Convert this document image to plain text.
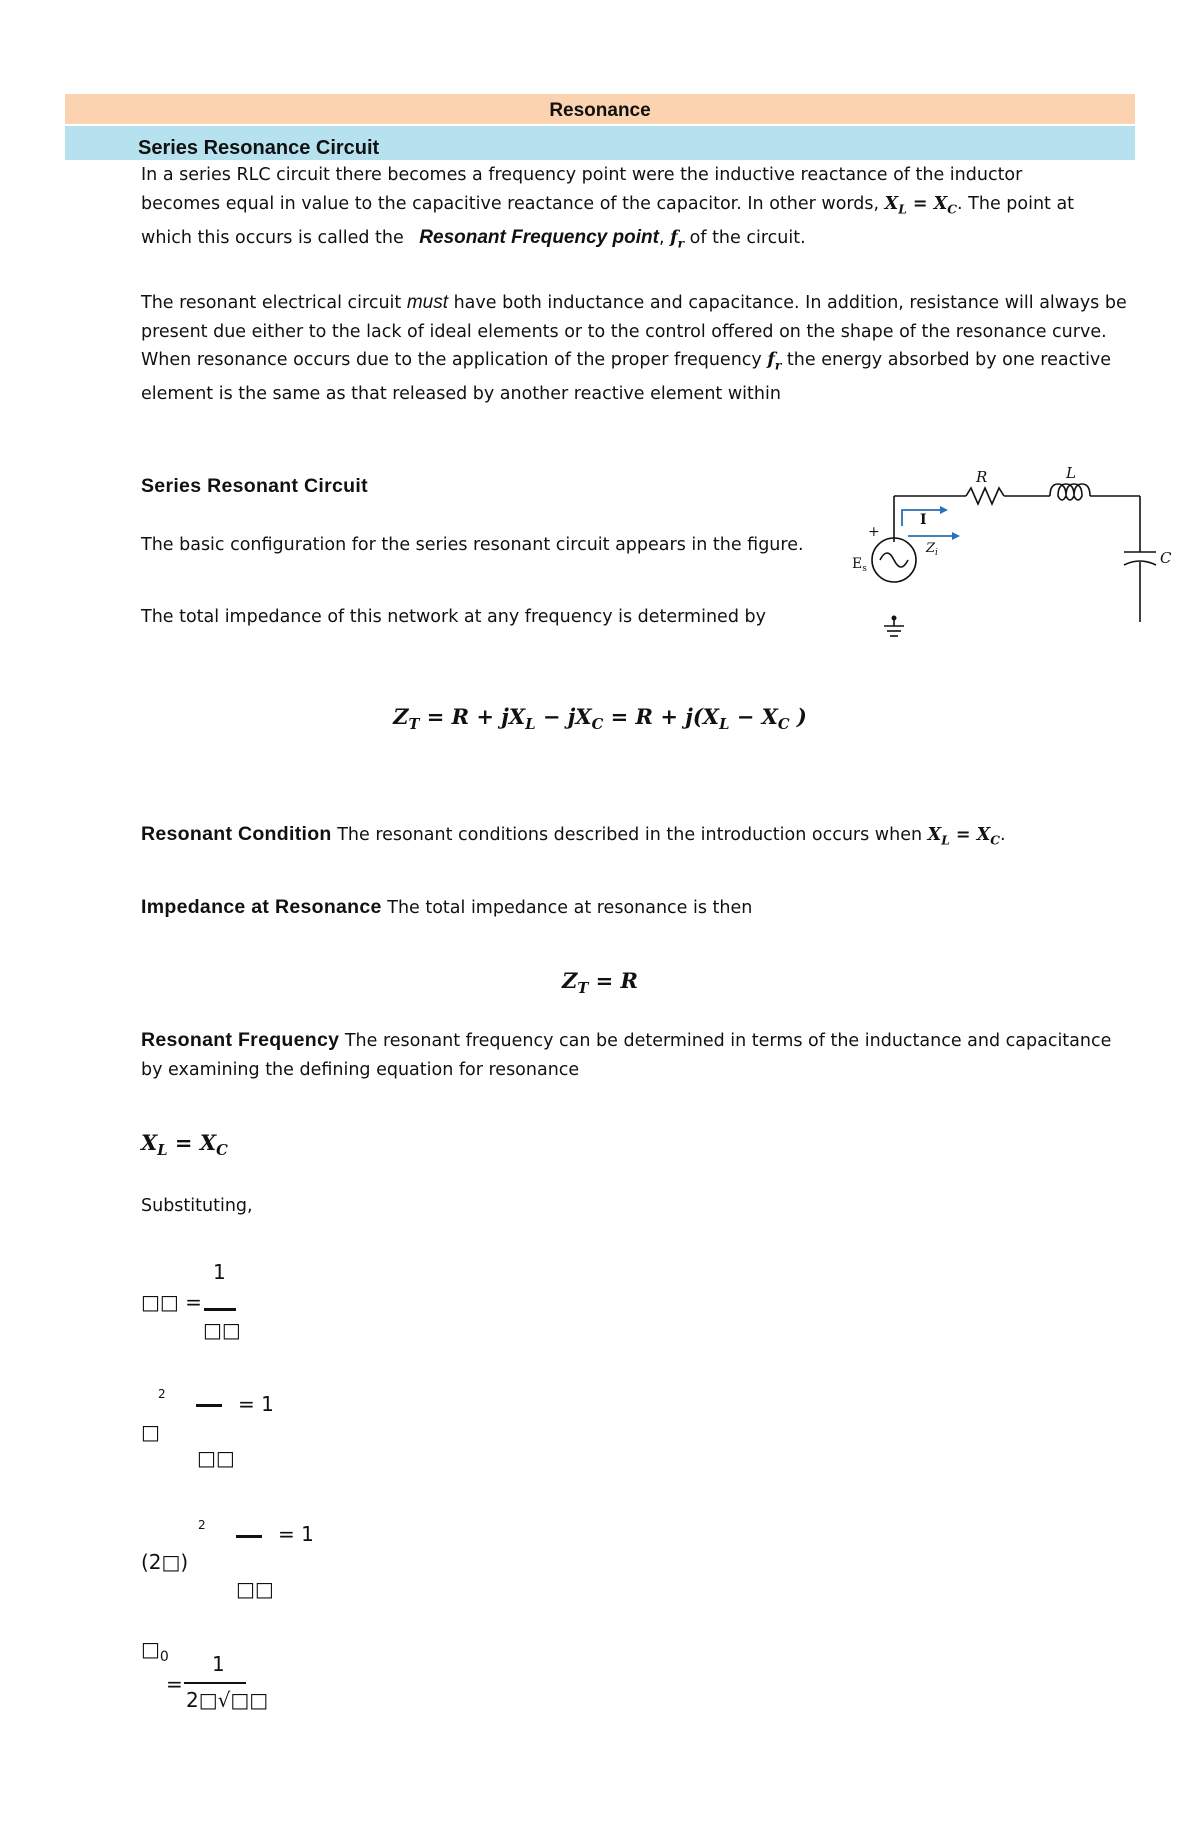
Resonance
Series Resonance Circuit
In a series RLC circuit there becomes a frequency point were the inductive reactance of the inductor
becomes equal in value to the capacitive reactance of the capacitor. In other words, $X_L = X_C$. The point at
which this occurs is called the Resonant Frequency point, $f_r$ of the circuit.
The resonant electrical circuit must have both inductance and capacitance. In addition, resistance will always be
present due either to the lack of ideal elements or to the control offered on the shape of the resonance curve.
When resonance occurs due to the application of the proper frequency $f_r$ the energy absorbed by one reactive
element is the same as that released by another reactive element within
Series Resonant Circuit
The basic configuration for the series resonant circuit appears in the figure.
The total impedance of this network at any frequency is determined by
R	L
C
I
+
$E_s$
$Z_i$
$Z_T = R + jX_L - jX_C = R + j(X_L - X_C$ )
Resonant Condition The resonant conditions described in the introduction occurs when $X_L = X_C$.
Impedance at Resonance The total impedance at resonance is then
$Z_T = R$
Resonant Frequency The resonant frequency can be determined in terms of the inductance and capacitance
by examining the defining equation for resonance
$X_L = X_C$
Substituting,
□□ =
1
□□
2	= 1
□
□□
2	= 1
(2□)
□□
$□_0$ 1
=
2□√□□
